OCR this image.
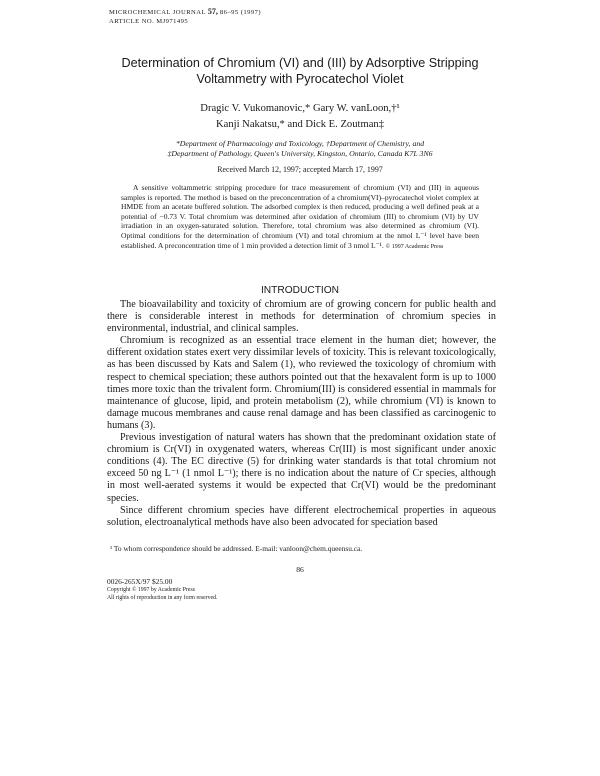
MICROCHEMICAL JOURNAL 57, 86–95 (1997)
ARTICLE NO. MJ971495
Determination of Chromium (VI) and (III) by Adsorptive Stripping Voltammetry with Pyrocatechol Violet
Dragic V. Vukomanovic,* Gary W. vanLoon,†¹
Kanji Nakatsu,* and Dick E. Zoutman‡
*Department of Pharmacology and Toxicology, †Department of Chemistry, and
‡Department of Pathology, Queen's University, Kingston, Ontario, Canada K7L 3N6
Received March 12, 1997; accepted March 17, 1997

A sensitive voltammetric stripping procedure for trace measurement of chromium (VI) and (III) in aqueous samples is reported. The method is based on the preconcentration of a chromium(VI)–pyrocatechol violet complex at HMDE from an acetate buffered solution. The adsorbed complex is then reduced, producing a well defined peak at a potential of −0.73 V. Total chromium was determined after oxidation of chromium (III) to chromium (VI) by UV irradiation in an oxygen-saturated solution. Therefore, total chromium was also determined as chromium (VI). Optimal conditions for the determination of chromium (VI) and total chromium at the nmol L⁻¹ level have been established. A preconcentration time of 1 min provided a detection limit of 3 nmol L⁻¹. © 1997 Academic Press

INTRODUCTION

The bioavailability and toxicity of chromium are of growing concern for public health and there is considerable interest in methods for determination of chromium species in environmental, industrial, and clinical samples.

Chromium is recognized as an essential trace element in the human diet; however, the different oxidation states exert very dissimilar levels of toxicity. This is relevant toxicologically, as has been discussed by Kats and Salem (1), who reviewed the toxicology of chromium with respect to chemical speciation; these authors pointed out that the hexavalent form is up to 1000 times more toxic than the trivalent form. Chromium(III) is considered essential in mammals for maintenance of glucose, lipid, and protein metabolism (2), while chromium (VI) is known to damage mucous membranes and cause renal damage and has been classified as carcinogenic to humans (3).

Previous investigation of natural waters has shown that the predominant oxidation state of chromium is Cr(VI) in oxygenated waters, whereas Cr(III) is most significant under anoxic conditions (4). The EC directive (5) for drinking water standards is that total chromium not exceed 50 ng L⁻¹ (1 nmol L⁻¹); there is no indication about the nature of Cr species, although in most well-aerated systems it would be expected that Cr(VI) would be the predominant species.

Since different chromium species have different electrochemical properties in aqueous solution, electroanalytical methods have also been advocated for speciation based

¹ To whom correspondence should be addressed. E-mail: vanloon@chem.queensu.ca.
86
0026-265X/97 $25.00
Copyright © 1997 by Academic Press
All rights of reproduction in any form reserved.
